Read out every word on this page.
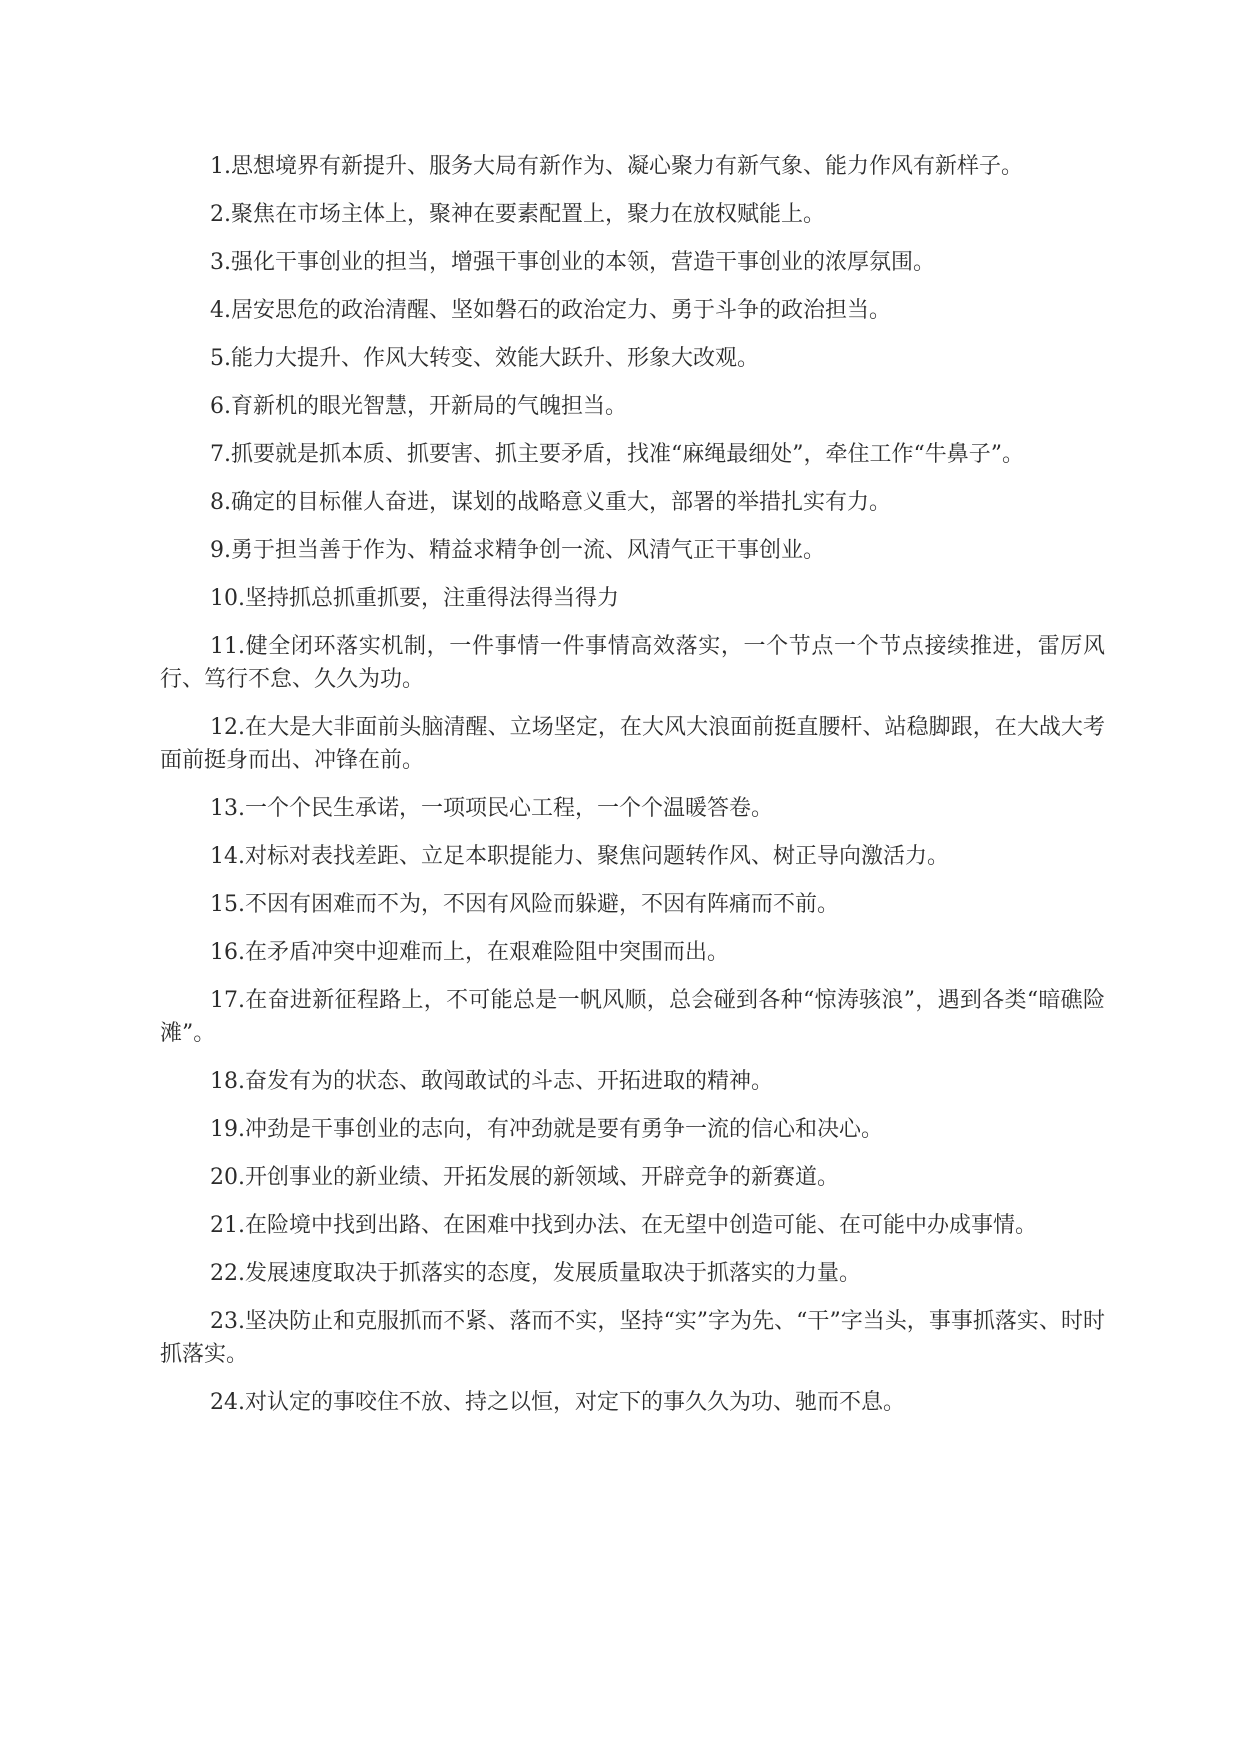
1.思想境界有新提升、服务大局有新作为、凝心聚力有新气象、能力作风有新样子。

2.聚焦在市场主体上，聚神在要素配置上，聚力在放权赋能上。

3.强化干事创业的担当，增强干事创业的本领，营造干事创业的浓厚氛围。

4.居安思危的政治清醒、坚如磐石的政治定力、勇于斗争的政治担当。

5.能力大提升、作风大转变、效能大跃升、形象大改观。

6.育新机的眼光智慧，开新局的气魄担当。

7.抓要就是抓本质、抓要害、抓主要矛盾，找准“麻绳最细处”，牵住工作“牛鼻子”。

8.确定的目标催人奋进，谋划的战略意义重大，部署的举措扎实有力。

9.勇于担当善于作为、精益求精争创一流、风清气正干事创业。

10.坚持抓总抓重抓要，注重得法得当得力

11.健全闭环落实机制，一件事情一件事情高效落实，一个节点一个节点接续推进，雷厉风行、笃行不怠、久久为功。

12.在大是大非面前头脑清醒、立场坚定，在大风大浪面前挺直腰杆、站稳脚跟，在大战大考面前挺身而出、冲锋在前。

13.一个个民生承诺，一项项民心工程，一个个温暖答卷。

14.对标对表找差距、立足本职提能力、聚焦问题转作风、树正导向激活力。

15.不因有困难而不为，不因有风险而躲避，不因有阵痛而不前。

16.在矛盾冲突中迎难而上，在艰难险阻中突围而出。

17.在奋进新征程路上，不可能总是一帆风顺，总会碰到各种“惊涛骇浪”，遇到各类“暗礁险滩”。

18.奋发有为的状态、敢闯敢试的斗志、开拓进取的精神。

19.冲劲是干事创业的志向，有冲劲就是要有勇争一流的信心和决心。

20.开创事业的新业绩、开拓发展的新领域、开辟竞争的新赛道。

21.在险境中找到出路、在困难中找到办法、在无望中创造可能、在可能中办成事情。

22.发展速度取决于抓落实的态度，发展质量取决于抓落实的力量。

23.坚决防止和克服抓而不紧、落而不实，坚持“实”字为先、“干”字当头，事事抓落实、时时抓落实。

24.对认定的事咬住不放、持之以恒，对定下的事久久为功、驰而不息。
